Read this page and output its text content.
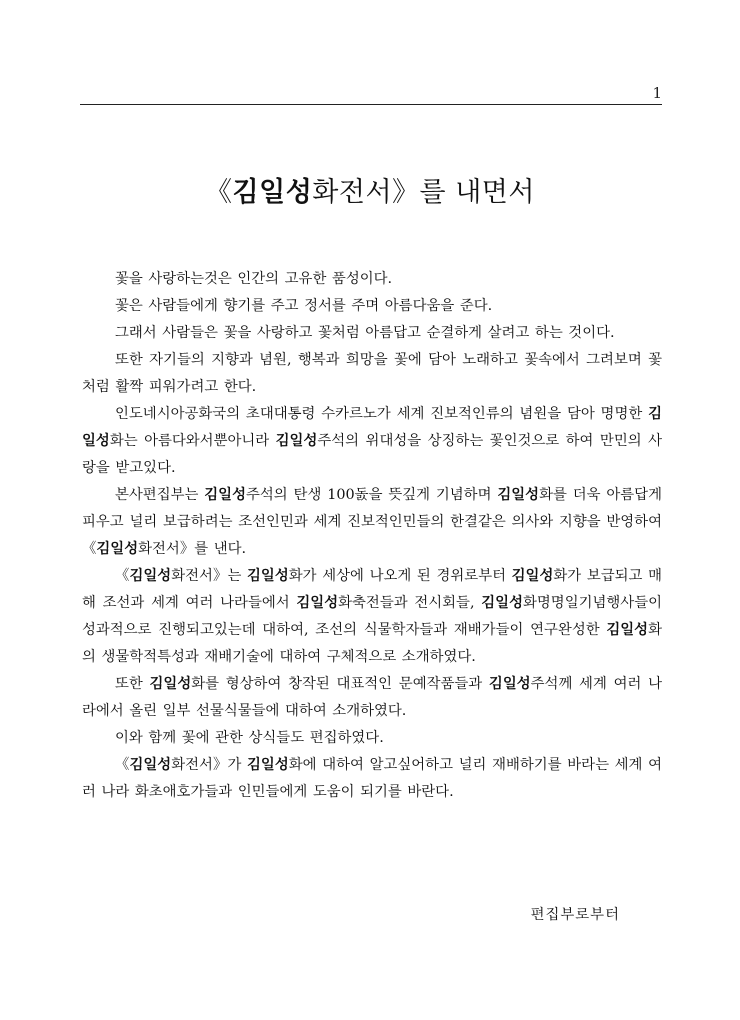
1
《김일성화전서》를 내면서

꽃을 사랑하는것은 인간의 고유한 품성이다.

꽃은 사람들에게 향기를 주고 정서를 주며 아름다움을 준다.

그래서 사람들은 꽃을 사랑하고 꽃처럼 아름답고 순결하게 살려고 하는 것이다.

또한 자기들의 지향과 념원, 행복과 희망을 꽃에 담아 노래하고 꽃속에서 그려보며 꽃처럼 활짝 피워가려고 한다.

인도네시아공화국의 초대대통령 수카르노가 세계 진보적인류의 념원을 담아 명명한 김일성화는 아름다와서뿐아니라 김일성주석의 위대성을 상징하는 꽃인것으로 하여 만민의 사랑을 받고있다.

본사편집부는 김일성주석의 탄생 100돐을 뜻깊게 기념하며 김일성화를 더욱 아름답게 피우고 널리 보급하려는 조선인민과 세계 진보적인민들의 한결같은 의사와 지향을 반영하여 《김일성화전서》를 낸다.

《김일성화전서》는 김일성화가 세상에 나오게 된 경위로부터 김일성화가 보급되고 매해 조선과 세계 여러 나라들에서 김일성화축전들과 전시회들, 김일성화명명일기념행사들이 성과적으로 진행되고있는데 대하여, 조선의 식물학자들과 재배가들이 연구완성한 김일성화의 생물학적특성과 재배기술에 대하여 구체적으로 소개하였다.

또한 김일성화를 형상하여 창작된 대표적인 문예작품들과 김일성주석께 세계 여러 나라에서 올린 일부 선물식물들에 대하여 소개하였다.

이와 함께 꽃에 관한 상식들도 편집하였다.

《김일성화전서》가 김일성화에 대하여 알고싶어하고 널리 재배하기를 바라는 세계 여러 나라 화초애호가들과 인민들에게 도움이 되기를 바란다.

편집부로부터
